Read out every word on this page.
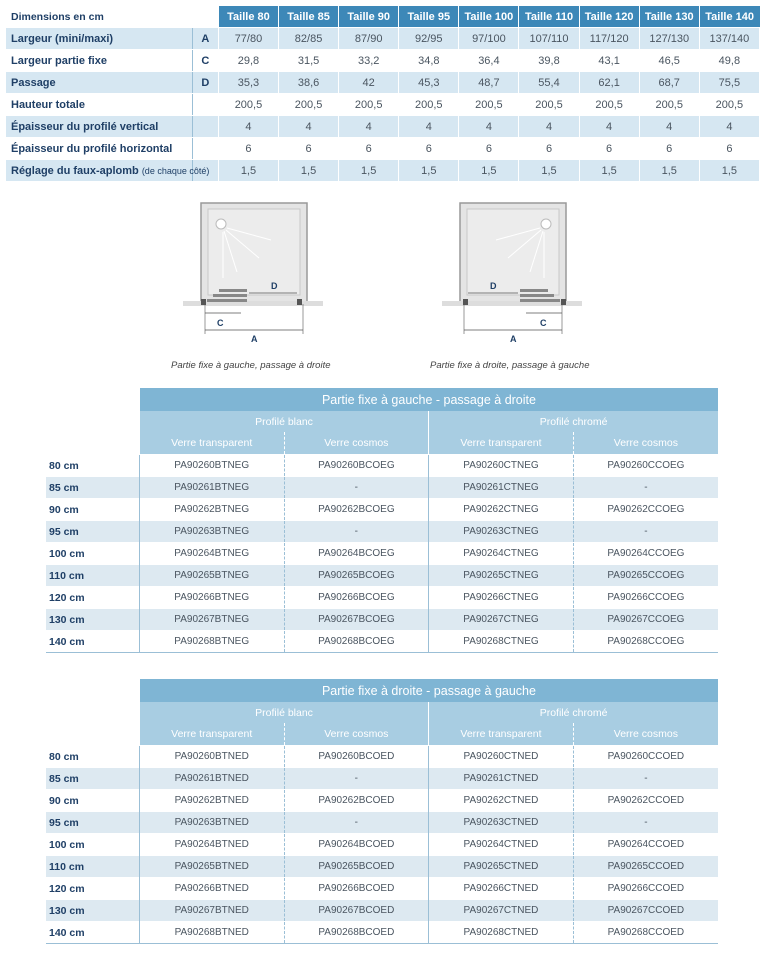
Dimensions en cm		Taille 80	Taille 85	Taille 90	Taille 95	Taille 100	Taille 110	Taille 120	Taille 130	Taille 140
Largeur (mini/maxi)	A	77/80	82/85	87/90	92/95	97/100	107/110	117/120	127/130	137/140
Largeur partie fixe	C	29,8	31,5	33,2	34,8	36,4	39,8	43,1	46,5	49,8
Passage	D	35,3	38,6	42	45,3	48,7	55,4	62,1	68,7	75,5
Hauteur totale		200,5	200,5	200,5	200,5	200,5	200,5	200,5	200,5	200,5
Épaisseur du profilé vertical		4	4	4	4	4	4	4	4	4
Épaisseur du profilé horizontal		6	6	6	6	6	6	6	6	6
Réglage du faux-aplomb (de chaque côté)		1,5	1,5	1,5	1,5	1,5	1,5	1,5	1,5	1,5
D
C
A
Partie fixe à gauche, passage à droite
D
C
A
Partie fixe à droite, passage à gauche
	Partie fixe à gauche - passage à droite			
	Profilé blanc		Profilé chromé	
	Verre transparent	Verre cosmos	Verre transparent	Verre cosmos
80 cm	PA90260BTNEG	PA90260BCOEG	PA90260CTNEG	PA90260CCOEG
85 cm	PA90261BTNEG	-	PA90261CTNEG	-
90 cm	PA90262BTNEG	PA90262BCOEG	PA90262CTNEG	PA90262CCOEG
95 cm	PA90263BTNEG	-	PA90263CTNEG	-
100 cm	PA90264BTNEG	PA90264BCOEG	PA90264CTNEG	PA90264CCOEG
110 cm	PA90265BTNEG	PA90265BCOEG	PA90265CTNEG	PA90265CCOEG
120 cm	PA90266BTNEG	PA90266BCOEG	PA90266CTNEG	PA90266CCOEG
130 cm	PA90267BTNEG	PA90267BCOEG	PA90267CTNEG	PA90267CCOEG
140 cm	PA90268BTNEG	PA90268BCOEG	PA90268CTNEG	PA90268CCOEG
	Partie fixe à droite - passage à gauche			
	Profilé blanc		Profilé chromé	
	Verre transparent	Verre cosmos	Verre transparent	Verre cosmos
80 cm	PA90260BTNED	PA90260BCOED	PA90260CTNED	PA90260CCOED
85 cm	PA90261BTNED	-	PA90261CTNED	-
90 cm	PA90262BTNED	PA90262BCOED	PA90262CTNED	PA90262CCOED
95 cm	PA90263BTNED	-	PA90263CTNED	-
100 cm	PA90264BTNED	PA90264BCOED	PA90264CTNED	PA90264CCOED
110 cm	PA90265BTNED	PA90265BCOED	PA90265CTNED	PA90265CCOED
120 cm	PA90266BTNED	PA90266BCOED	PA90266CTNED	PA90266CCOED
130 cm	PA90267BTNED	PA90267BCOED	PA90267CTNED	PA90267CCOED
140 cm	PA90268BTNED	PA90268BCOED	PA90268CTNED	PA90268CCOED
